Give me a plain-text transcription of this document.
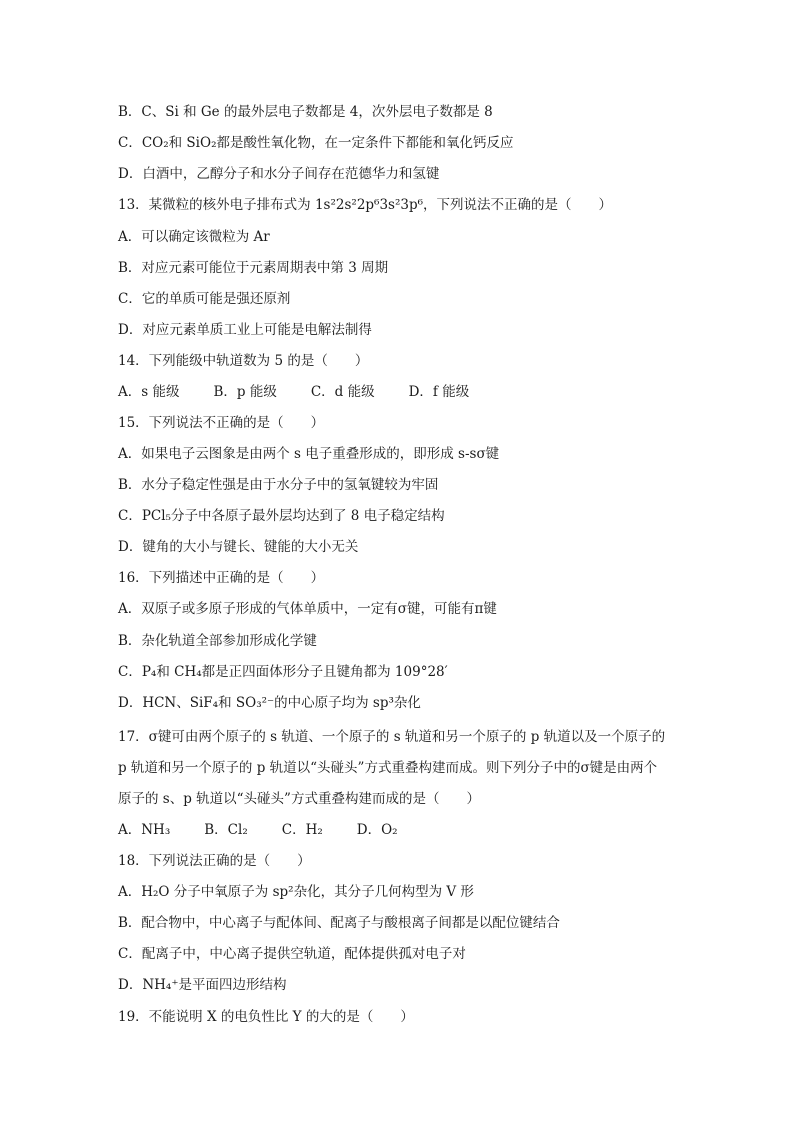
B．C、Si 和 Ge 的最外层电子数都是 4，次外层电子数都是 8
C．CO₂和 SiO₂都是酸性氧化物，在一定条件下都能和氧化钙反应
D．白酒中，乙醇分子和水分子间存在范德华力和氢键
13．某微粒的核外电子排布式为 1s²2s²2p⁶3s²3p⁶，下列说法不正确的是（　　）
A．可以确定该微粒为 Ar
B．对应元素可能位于元素周期表中第 3 周期
C．它的单质可能是强还原剂
D．对应元素单质工业上可能是电解法制得
14．下列能级中轨道数为 5 的是（　　）
A．s 能级	B．p 能级	C．d 能级	D．f 能级
15．下列说法不正确的是（　　）
A．如果电子云图象是由两个 s 电子重叠形成的，即形成 s-sσ键
B．水分子稳定性强是由于水分子中的氢氧键较为牢固
C．PCl₅分子中各原子最外层均达到了 8 电子稳定结构
D．键角的大小与键长、键能的大小无关
16．下列描述中正确的是（　　）
A．双原子或多原子形成的气体单质中，一定有σ键，可能有π键
B．杂化轨道全部参加形成化学键
C．P₄和 CH₄都是正四面体形分子且键角都为 109°28′
D．HCN、SiF₄和 SO₃²⁻的中心原子均为 sp³杂化
17．σ键可由两个原子的 s 轨道、一个原子的 s 轨道和另一个原子的 p 轨道以及一个原子的
p 轨道和另一个原子的 p 轨道以“头碰头”方式重叠构建而成。则下列分子中的σ键是由两个
原子的 s、p 轨道以“头碰头”方式重叠构建而成的是（　　）
A．NH₃	B．Cl₂	C．H₂	D．O₂
18．下列说法正确的是（　　）
A．H₂O 分子中氧原子为 sp²杂化，其分子几何构型为 V 形
B．配合物中，中心离子与配体间、配离子与酸根离子间都是以配位键结合
C．配离子中，中心离子提供空轨道，配体提供孤对电子对
D．NH₄⁺是平面四边形结构
19．不能说明 X 的电负性比 Y 的大的是（　　）
